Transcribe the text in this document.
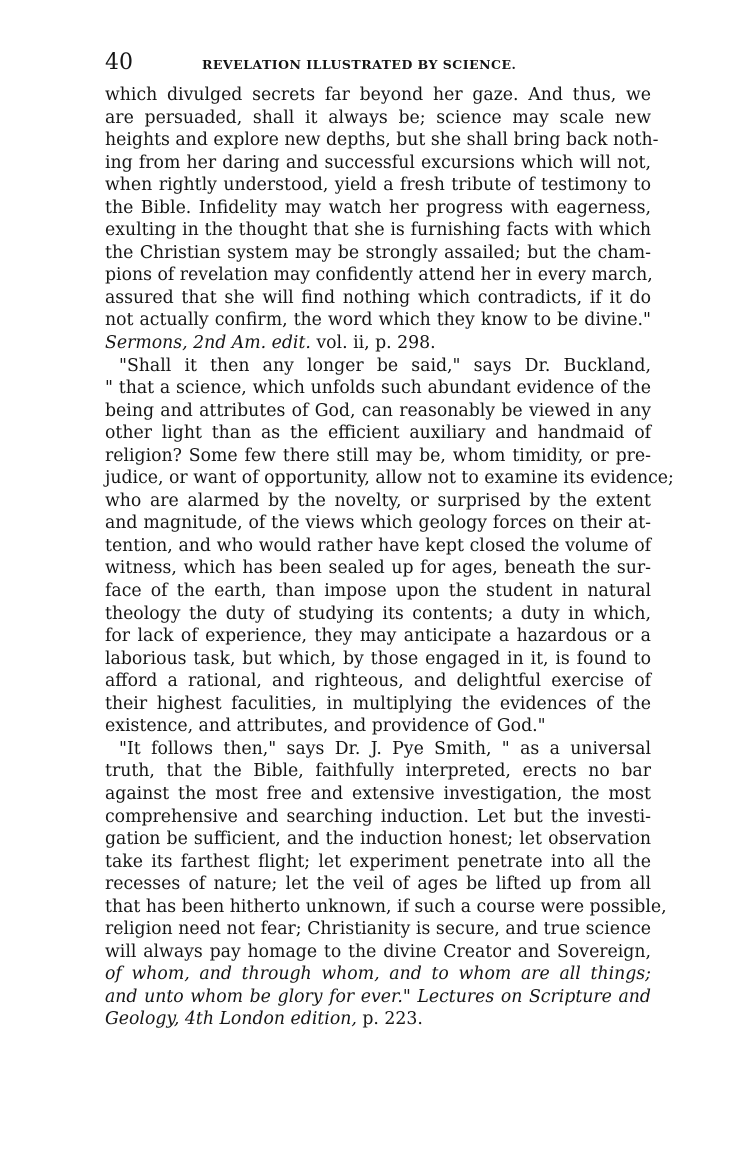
40	REVELATION ILLUSTRATED BY SCIENCE.
which divulged secrets far beyond her gaze. And thus, we
are persuaded, shall it always be; science may scale new
heights and explore new depths, but she shall bring back noth-
ing from her daring and successful excursions which will not,
when rightly understood, yield a fresh tribute of testimony to
the Bible. Infidelity may watch her progress with eagerness,
exulting in the thought that she is furnishing facts with which
the Christian system may be strongly assailed; but the cham-
pions of revelation may confidently attend her in every march,
assured that she will find nothing which contradicts, if it do
not actually confirm, the word which they know to be divine."
Sermons, 2nd Am. edit. vol. ii, p. 298.
"Shall it then any longer be said," says Dr. Buckland,
" that a science, which unfolds such abundant evidence of the
being and attributes of God, can reasonably be viewed in any
other light than as the efficient auxiliary and handmaid of
religion? Some few there still may be, whom timidity, or pre-
judice, or want of opportunity, allow not to examine its evidence;
who are alarmed by the novelty, or surprised by the extent
and magnitude, of the views which geology forces on their at-
tention, and who would rather have kept closed the volume of
witness, which has been sealed up for ages, beneath the sur-
face of the earth, than impose upon the student in natural
theology the duty of studying its contents; a duty in which,
for lack of experience, they may anticipate a hazardous or a
laborious task, but which, by those engaged in it, is found to
afford a rational, and righteous, and delightful exercise of
their highest faculities, in multiplying the evidences of the
existence, and attributes, and providence of God."
"It follows then," says Dr. J. Pye Smith, " as a universal
truth, that the Bible, faithfully interpreted, erects no bar
against the most free and extensive investigation, the most
comprehensive and searching induction. Let but the investi-
gation be sufficient, and the induction honest; let observation
take its farthest flight; let experiment penetrate into all the
recesses of nature; let the veil of ages be lifted up from all
that has been hitherto unknown, if such a course were possible,
religion need not fear; Christianity is secure, and true science
will always pay homage to the divine Creator and Sovereign,
of whom, and through whom, and to whom are all things;
and unto whom be glory for ever." Lectures on Scripture and
Geology, 4th London edition, p. 223.
